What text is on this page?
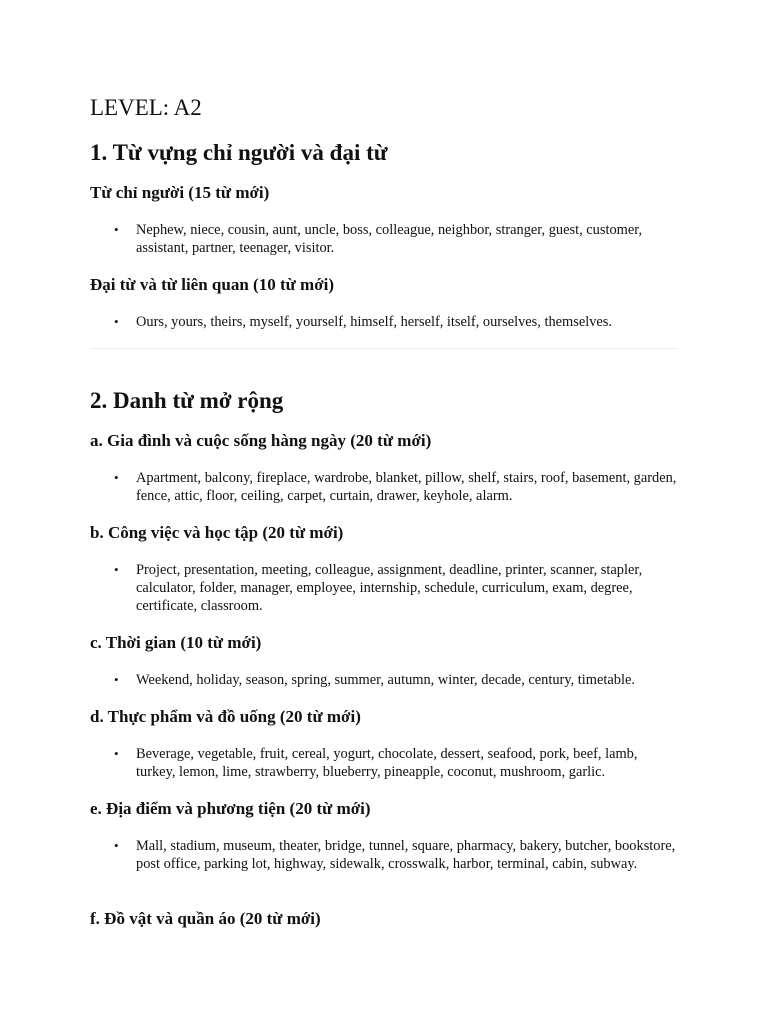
LEVEL: A2
1. Từ vựng chỉ người và đại từ
Từ chỉ người (15 từ mới)

• Nephew, niece, cousin, aunt, uncle, boss, colleague, neighbor, stranger, guest, customer, assistant, partner, teenager, visitor.

Đại từ và từ liên quan (10 từ mới)

• Ours, yours, theirs, myself, yourself, himself, herself, itself, ourselves, themselves.

2. Danh từ mở rộng
a. Gia đình và cuộc sống hàng ngày (20 từ mới)

• Apartment, balcony, fireplace, wardrobe, blanket, pillow, shelf, stairs, roof, basement, garden, fence, attic, floor, ceiling, carpet, curtain, drawer, keyhole, alarm.

b. Công việc và học tập (20 từ mới)

• Project, presentation, meeting, colleague, assignment, deadline, printer, scanner, stapler, calculator, folder, manager, employee, internship, schedule, curriculum, exam, degree, certificate, classroom.

c. Thời gian (10 từ mới)

• Weekend, holiday, season, spring, summer, autumn, winter, decade, century, timetable.

d. Thực phẩm và đồ uống (20 từ mới)

• Beverage, vegetable, fruit, cereal, yogurt, chocolate, dessert, seafood, pork, beef, lamb, turkey, lemon, lime, strawberry, blueberry, pineapple, coconut, mushroom, garlic.

e. Địa điểm và phương tiện (20 từ mới)

• Mall, stadium, museum, theater, bridge, tunnel, square, pharmacy, bakery, butcher, bookstore, post office, parking lot, highway, sidewalk, crosswalk, harbor, terminal, cabin, subway.

f. Đồ vật và quần áo (20 từ mới)
